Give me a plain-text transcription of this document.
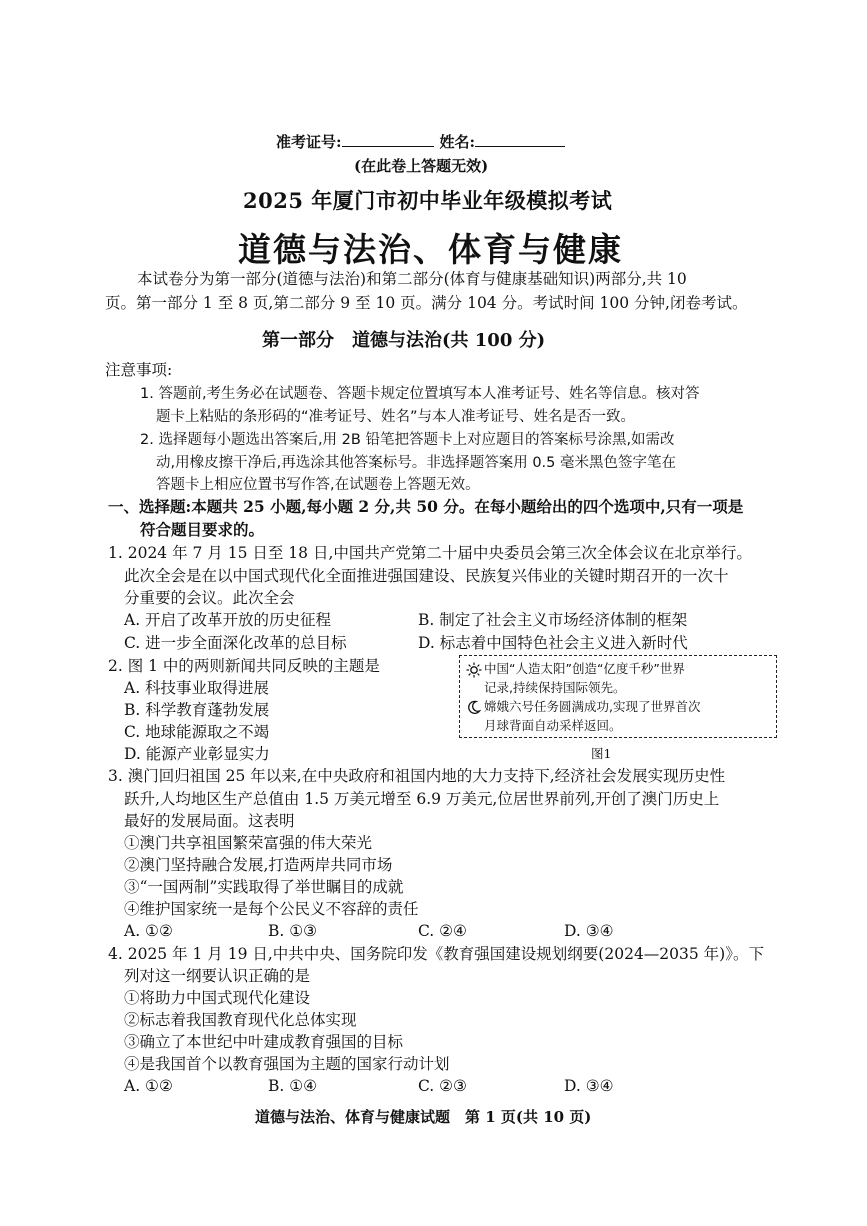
准考证号:	姓名:
(在此卷上答题无效)
2025 年厦门市初中毕业年级模拟考试
道德与法治、体育与健康
本试卷分为第一部分(道德与法治)和第二部分(体育与健康基础知识)两部分,共 10
页。第一部分 1 至 8 页,第二部分 9 至 10 页。满分 104 分。考试时间 100 分钟,闭卷考试。
第一部分　道德与法治(共 100 分)
注意事项:
1. 答题前,考生务必在试题卷、答题卡规定位置填写本人准考证号、姓名等信息。核对答
题卡上粘贴的条形码的“准考证号、姓名”与本人准考证号、姓名是否一致。
2. 选择题每小题选出答案后,用 2B 铅笔把答题卡上对应题目的答案标号涂黑,如需改
动,用橡皮擦干净后,再选涂其他答案标号。非选择题答案用 0.5 毫米黑色签字笔在
答题卡上相应位置书写作答,在试题卷上答题无效。
一、选择题:本题共 25 小题,每小题 2 分,共 50 分。在每小题给出的四个选项中,只有一项是
符合题目要求的。
1. 2024 年 7 月 15 日至 18 日,中国共产党第二十届中央委员会第三次全体会议在北京举行。
此次全会是在以中国式现代化全面推进强国建设、民族复兴伟业的关键时期召开的一次十
分重要的会议。此次全会
A. 开启了改革开放的历史征程	B. 制定了社会主义市场经济体制的框架
C. 进一步全面深化改革的总目标	D. 标志着中国特色社会主义进入新时代
2. 图 1 中的两则新闻共同反映的主题是
A. 科技事业取得进展
B. 科学教育蓬勃发展
C. 地球能源取之不竭
D. 能源产业彰显实力
中国“人造太阳”创造“亿度千秒”世界
记录,持续保持国际领先。
嫦娥六号任务圆满成功,实现了世界首次
月球背面自动采样返回。
图1
3. 澳门回归祖国 25 年以来,在中央政府和祖国内地的大力支持下,经济社会发展实现历史性
跃升,人均地区生产总值由 1.5 万美元增至 6.9 万美元,位居世界前列,开创了澳门历史上
最好的发展局面。这表明
①澳门共享祖国繁荣富强的伟大荣光
②澳门坚持融合发展,打造两岸共同市场
③“一国两制”实践取得了举世瞩目的成就
④维护国家统一是每个公民义不容辞的责任
A. ①②	B. ①③	C. ②④	D. ③④
4. 2025 年 1 月 19 日,中共中央、国务院印发《教育强国建设规划纲要(2024—2035 年)》。下
列对这一纲要认识正确的是
①将助力中国式现代化建设
②标志着我国教育现代化总体实现
③确立了本世纪中叶建成教育强国的目标
④是我国首个以教育强国为主题的国家行动计划
A. ①②	B. ①④	C. ②③	D. ③④
道德与法治、体育与健康试题　第 1 页(共 10 页)
